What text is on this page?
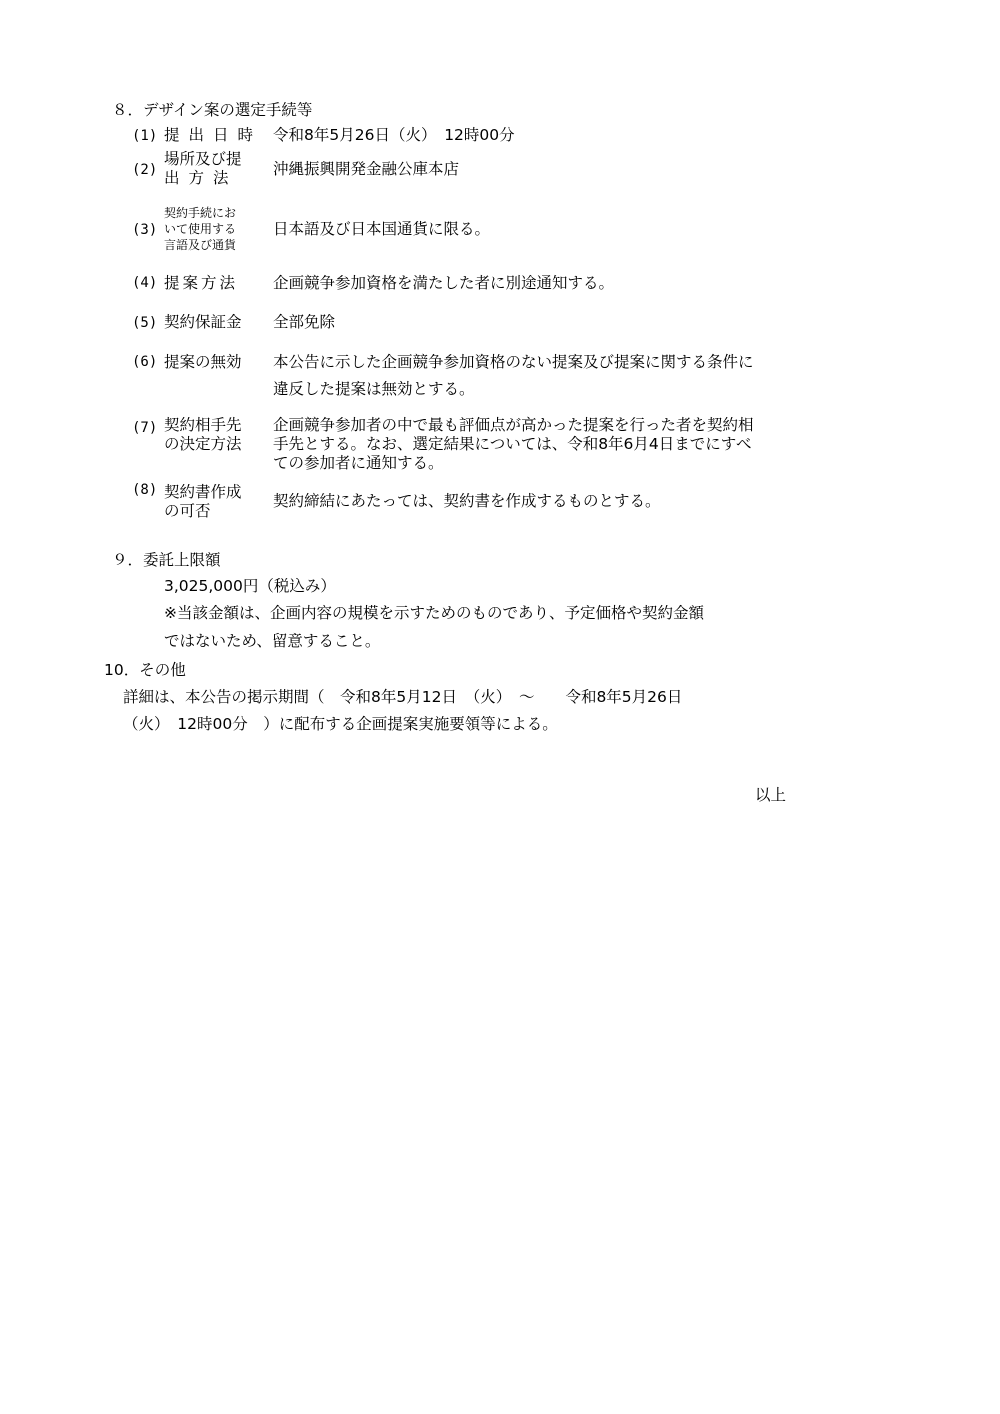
８．デザイン案の選定手続等
(1) 提出日時 令和8年5月26日（火）　12時00分
(2)
場所及び提
出方法 沖縄振興開発金融公庫本店
(3)
契約手続にお
いて使用する
言語及び通貨
日本語及び日本国通貨に限る。
(4) 提案方法 企画競争参加資格を満たした者に別途通知する。
(5) 契約保証金 全部免除
(6) 提案の無効 本公告に示した企画競争参加資格のない提案及び提案に関する条件に
違反した提案は無効とする。
(7) 契約相手先
の決定方法
企画競争参加者の中で最も評価点が高かった提案を行った者を契約相
手先とする。なお、選定結果については、令和8年6月4日までにすべ
ての参加者に通知する。
(8) 契約書作成
の可否
契約締結にあたっては、契約書を作成するものとする。
９．委託上限額
3,025,000円（税込み）
※当該金額は、企画内容の規模を示すためのものであり、予定価格や契約金額
ではないため、留意すること。
10．その他
詳細は、本公告の掲示期間（　令和8年5月12日　（火）　～　　令和8年5月26日
（火）　12時00分　）に配布する企画提案実施要領等による。
以上
